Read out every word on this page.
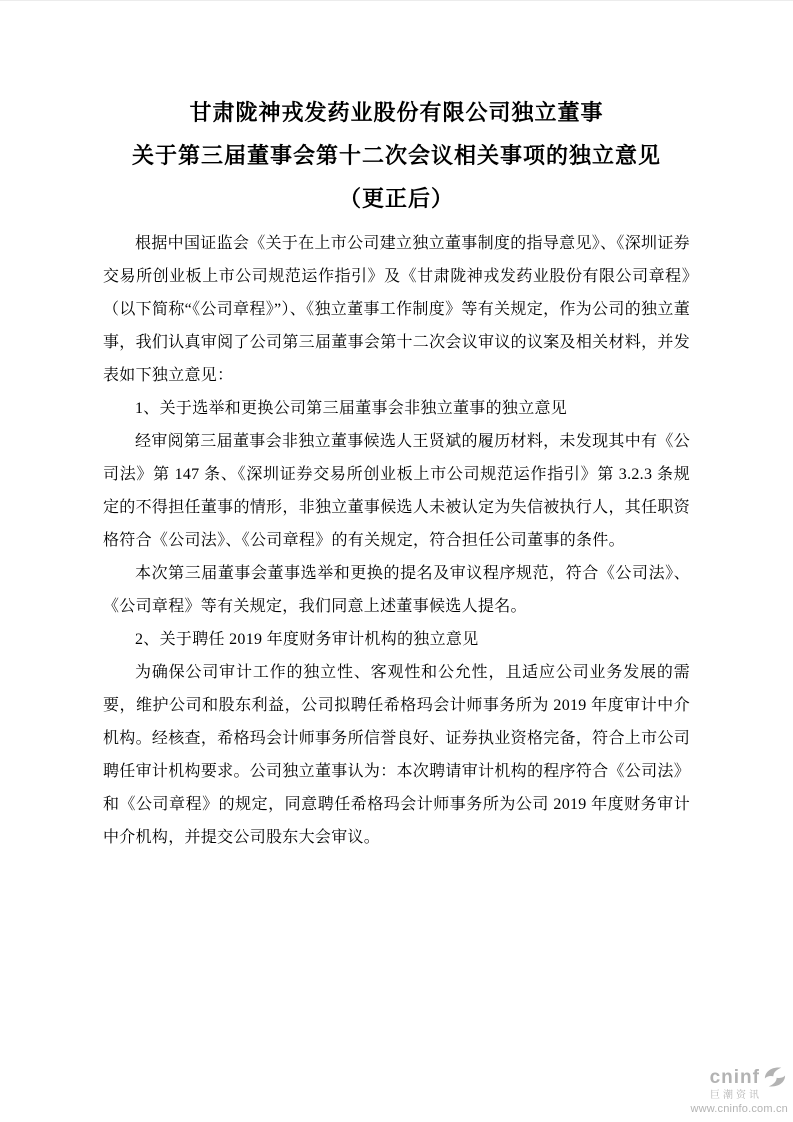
甘肃陇神戎发药业股份有限公司独立董事
关于第三届董事会第十二次会议相关事项的独立意见
（更正后）

根据中国证监会《关于在上市公司建立独立董事制度的指导意见》、《深圳证券交易所创业板上市公司规范运作指引》及《甘肃陇神戎发药业股份有限公司章程》　（以下简称“《公司章程》”）、《独立董事工作制度》等有关规定，作为公司的独立董事，我们认真审阅了公司第三届董事会第十二次会议审议的议案及相关材料，并发表如下独立意见：

1、关于选举和更换公司第三届董事会非独立董事的独立意见

经审阅第三届董事会非独立董事候选人王贤斌的履历材料，未发现其中有《公司法》第 147 条、《深圳证券交易所创业板上市公司规范运作指引》第 3.2.3 条规定的不得担任董事的情形，非独立董事候选人未被认定为失信被执行人，其任职资格符合《公司法》、《公司章程》的有关规定，符合担任公司董事的条件。

本次第三届董事会董事选举和更换的提名及审议程序规范，符合《公司法》、《公司章程》等有关规定，我们同意上述董事候选人提名。

2、关于聘任 2019 年度财务审计机构的独立意见

为确保公司审计工作的独立性、客观性和公允性，且适应公司业务发展的需要，维护公司和股东利益，公司拟聘任希格玛会计师事务所为 2019 年度审计中介机构。经核查，希格玛会计师事务所信誉良好、证券执业资格完备，符合上市公司聘任审计机构要求。公司独立董事认为：本次聘请审计机构的程序符合《公司法》和《公司章程》的规定，同意聘任希格玛会计师事务所为公司 2019 年度财务审计中介机构，并提交公司股东大会审议。

cninf
巨潮资讯
www.cninfo.com.cn
